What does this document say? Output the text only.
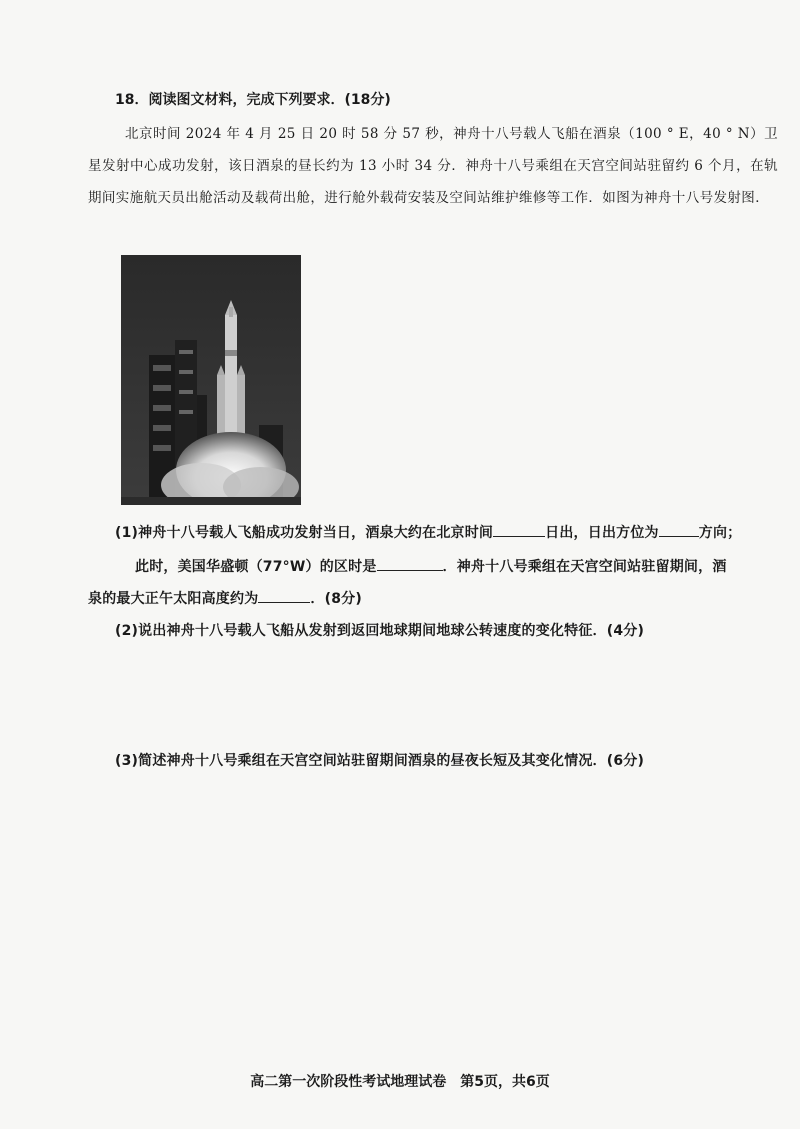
18．阅读图文材料，完成下列要求．(18分)
北京时间 2024 年 4 月 25 日 20 时 58 分 57 秒，神舟十八号载人飞船在酒泉（100 ° E，40 ° N）卫星发射中心成功发射，该日酒泉的昼长约为 13 小时 34 分．神舟十八号乘组在天宫空间站驻留约 6 个月，在轨期间实施航天员出舱活动及载荷出舱，进行舱外载荷安装及空间站维护维修等工作．如图为神舟十八号发射图．
(1)神舟十八号载人飞船成功发射当日，酒泉大约在北京时间	日出，日出方位为	方向；
此时，美国华盛顿（77°W）的区时是	．神舟十八号乘组在天宫空间站驻留期间，酒
泉的最大正午太阳高度约为	．(8分)
(2)说出神舟十八号载人飞船从发射到返回地球期间地球公转速度的变化特征．(4分)
(3)简述神舟十八号乘组在天宫空间站驻留期间酒泉的昼夜长短及其变化情况．(6分)
高二第一次阶段性考试地理试卷　第5页，共6页
